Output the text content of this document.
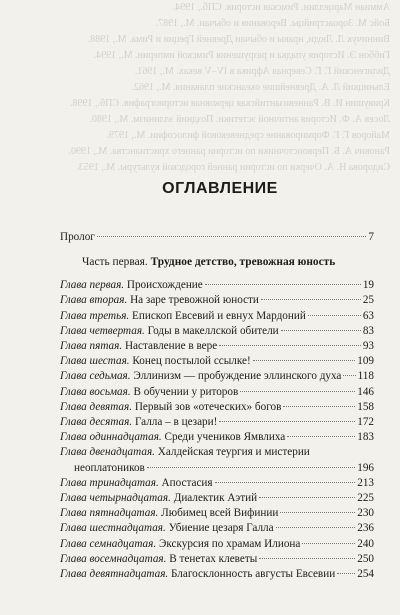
Аммиан Марцеллин. Римская история. СПб., 1994.
Бойс М. Зороастрийцы. Верования и обычаи. М., 1987.
Винничук Л. Люди, нравы и обычаи Древней Греции и Рима. М., 1988.
Гиббон Э. История упадка и разрушения Римской империи. М., 1994.
Дилигенский Г. Г. Северная Африка в IV–V веках. М., 1961.
Ельницкий Л. А. Древнейшие океанские плавания. М., 1962.
Кривушин И. В. Ранневизантийская церковная историография. СПб., 1998.
Лосев А. Ф. История античной эстетики. Поздний эллинизм. М., 1980.
Майоров Г. Г. Формирование средневековой философии. М., 1979.
Ранович А. Б. Первоисточники по истории раннего христианства. М., 1990.
Сидорова Н. А. Очерки по истории ранней городской культуры. М., 1953.
ОГЛАВЛЕНИЕ
Пролог	7
Часть первая. Трудное детство, тревожная юность
Глава первая. Происхождение	19
Глава вторая. На заре тревожной юности	25
Глава третья. Епископ Евсевий и евнух Мардоний	63
Глава четвертая. Годы в макеллской обители	83
Глава пятая. Наставление в вере	93
Глава шестая. Конец постылой ссылке!	109
Глава седьмая. Эллинизм — пробуждение эллинского духа 118
Глава восьмая. В обучении у риторов	146
Глава девятая. Первый зов «отеческих» богов	158
Глава десятая. Галла – в цезари!	172
Глава одиннадцатая. Среди учеников Ямвлиха	183
Глава двенадцатая. Халдейская теургия и мистерии
неоплатоников	196
Глава тринадцатая. Апостасия	213
Глава четырнадцатая. Диалектик Аэтий	225
Глава пятнадцатая. Любимец всей Вифинии	230
Глава шестнадцатая. Убиение цезаря Галла	236
Глава семнадцатая. Экскурсия по храмам Илиона	240
Глава восемнадцатая. В тенетах клеветы	250
Глава девятнадцатая. Благосклонность августы Евсевии 254
